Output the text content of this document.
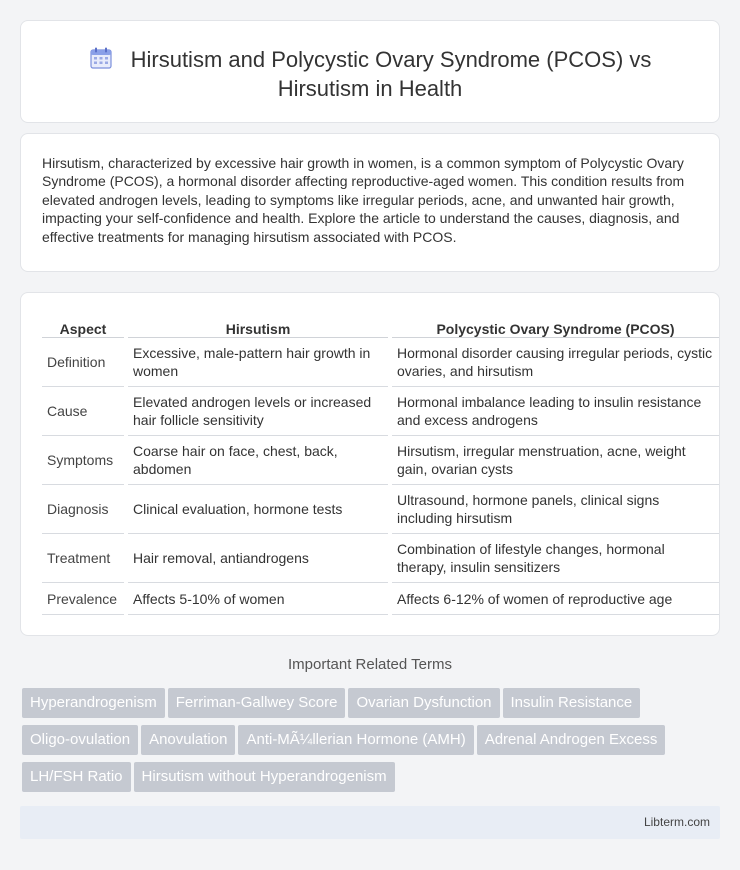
Hirsutism and Polycystic Ovary Syndrome (PCOS) vs
Hirsutism in Health

Hirsutism, characterized by excessive hair growth in women, is a common symptom of Polycystic Ovary Syndrome (PCOS), a hormonal disorder affecting reproductive-aged women. This condition results from elevated androgen levels, leading to symptoms like irregular periods, acne, and unwanted hair growth, impacting your self-confidence and health. Explore the article to understand the causes, diagnosis, and effective treatments for managing hirsutism associated with PCOS.

Aspect		Hirsutism		Polycystic Ovary Syndrome (PCOS)
Definition		Excessive, male-pattern hair growth in women		Hormonal disorder causing irregular periods, cystic ovaries, and hirsutism
Cause		Elevated androgen levels or increased hair follicle sensitivity		Hormonal imbalance leading to insulin resistance and excess androgens
Symptoms		Coarse hair on face, chest, back, abdomen		Hirsutism, irregular menstruation, acne, weight gain, ovarian cysts
Diagnosis		Clinical evaluation, hormone tests		Ultrasound, hormone panels, clinical signs including hirsutism
Treatment		Hair removal, antiandrogens		Combination of lifestyle changes, hormonal therapy, insulin sensitizers
Prevalence		Affects 5-10% of women		Affects 6-12% of women of reproductive age
Important Related Terms
Hyperandrogenism Ferriman-Gallwey Score Ovarian Dysfunction Insulin Resistance
Oligo-ovulation Anovulation Anti-MÃ¼llerian Hormone (AMH) Adrenal Androgen Excess
LH/FSH Ratio Hirsutism without Hyperandrogenism
Libterm.com
